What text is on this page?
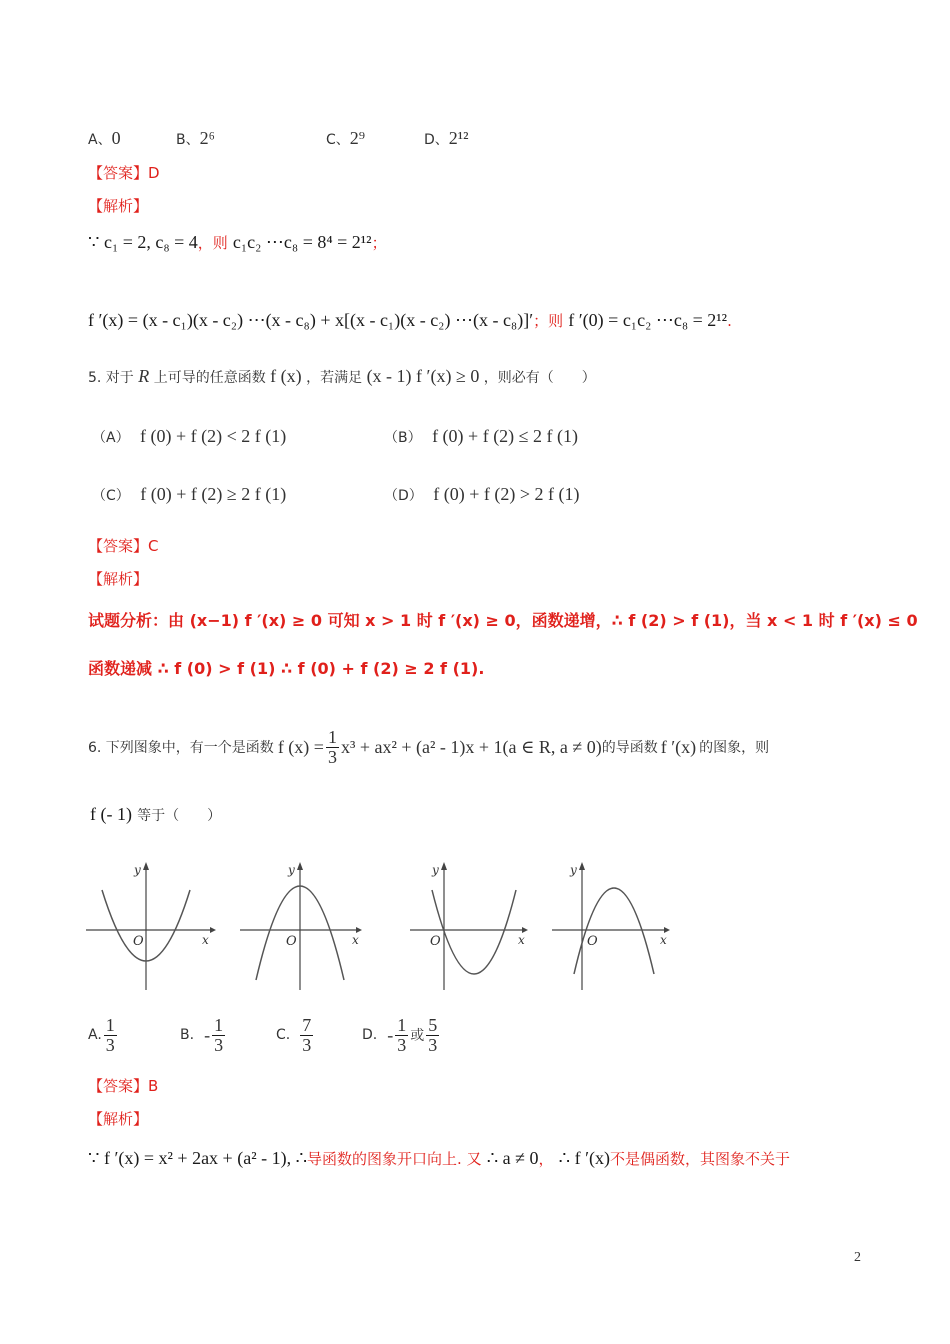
A、0	B、2⁶	C、2⁹	D、2¹²
【答案】D
【解析】
∵ c₁ = 2, c₈ = 4，则 c₁c₂ ⋯c₈ = 8⁴ = 2¹²；
f ′(x) = (x - c₁)(x - c₂) ⋯(x - c₈) + x[(x - c₁)(x - c₂) ⋯(x - c₈)]′；则 f ′(0) = c₁c₂ ⋯c₈ = 2¹².
5. 对于 R 上可导的任意函数 f (x) ，若满足 (x - 1) f ′(x) ≥ 0 ，则必有（　　）
（A） f (0) + f (2) < 2 f (1)	（B） f (0) + f (2) ≤ 2 f (1)
（C） f (0) + f (2) ≥ 2 f (1)	（D） f (0) + f (2) > 2 f (1)
【答案】C
【解析】
试题分析：由 (x−1) f ′(x) ≥ 0 可知 x > 1 时 f ′(x) ≥ 0，函数递增，∴ f (2) > f (1)，当 x < 1 时 f ′(x) ≤ 0
函数递减 ∴ f (0) > f (1) ∴ f (0) + f (2) ≥ 2 f (1).
6. 下列图象中，有一个是函数 f $(x) = \frac{1}{3} x^3 + ax^2 + (a^2 - 1)x + 1(a$ ∈ R, a ≠ 0) 的导函数 f ′(x) 的图象，则
f (- 1) 等于（　　）
y
x
O
y
x
O
y
x
O
y
x
O
A. $\frac{1}{3}$	B. - $\frac{1}{3}$	C. $\frac{7}{3}$	D. - $\frac{1}{3}$ 或 $\frac{5}{3}$
【答案】B
【解析】
∵ f ′(x) = x² + 2ax + (a² - 1), ∴导函数的图象开口向上. 又 ∴ a ≠ 0， ∴ f ′(x)不是偶函数，其图象不关于
2
